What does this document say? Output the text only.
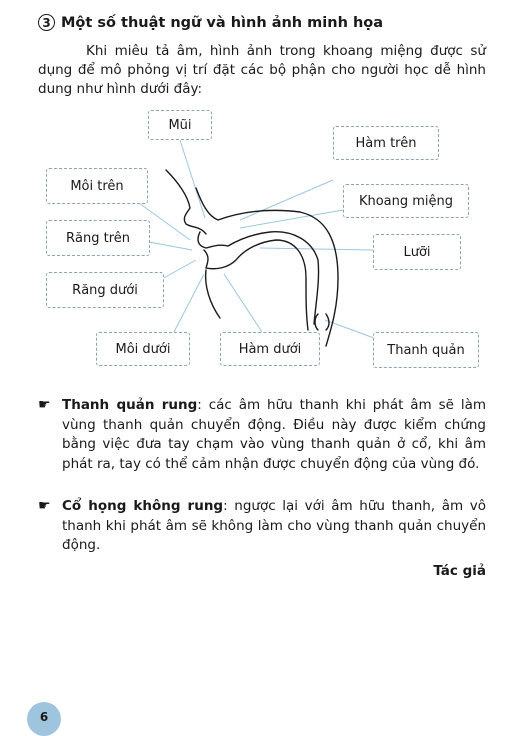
3 Một số thuật ngữ và hình ảnh minh họa
Khi miêu tả âm, hình ảnh trong khoang miệng được sử dụng để mô phỏng vị trí đặt các bộ phận cho người học dễ hình dung như hình dưới đây:
Mũi
Hàm trên
Môi trên
Khoang miệng
Răng trên
Lưỡi
Răng dưới
Môi dưới	Hàm dưới	Thanh quản
☛ Thanh quản rung: các âm hữu thanh khi phát âm sẽ làm vùng thanh quản chuyển động. Điều này được kiểm chứng bằng việc đưa tay chạm vào vùng thanh quản ở cổ, khi âm phát ra, tay có thể cảm nhận được chuyển động của vùng đó.
☛ Cổ họng không rung: ngược lại với âm hữu thanh, âm vô thanh khi phát âm sẽ không làm cho vùng thanh quản chuyển động.
Tác giả
6
